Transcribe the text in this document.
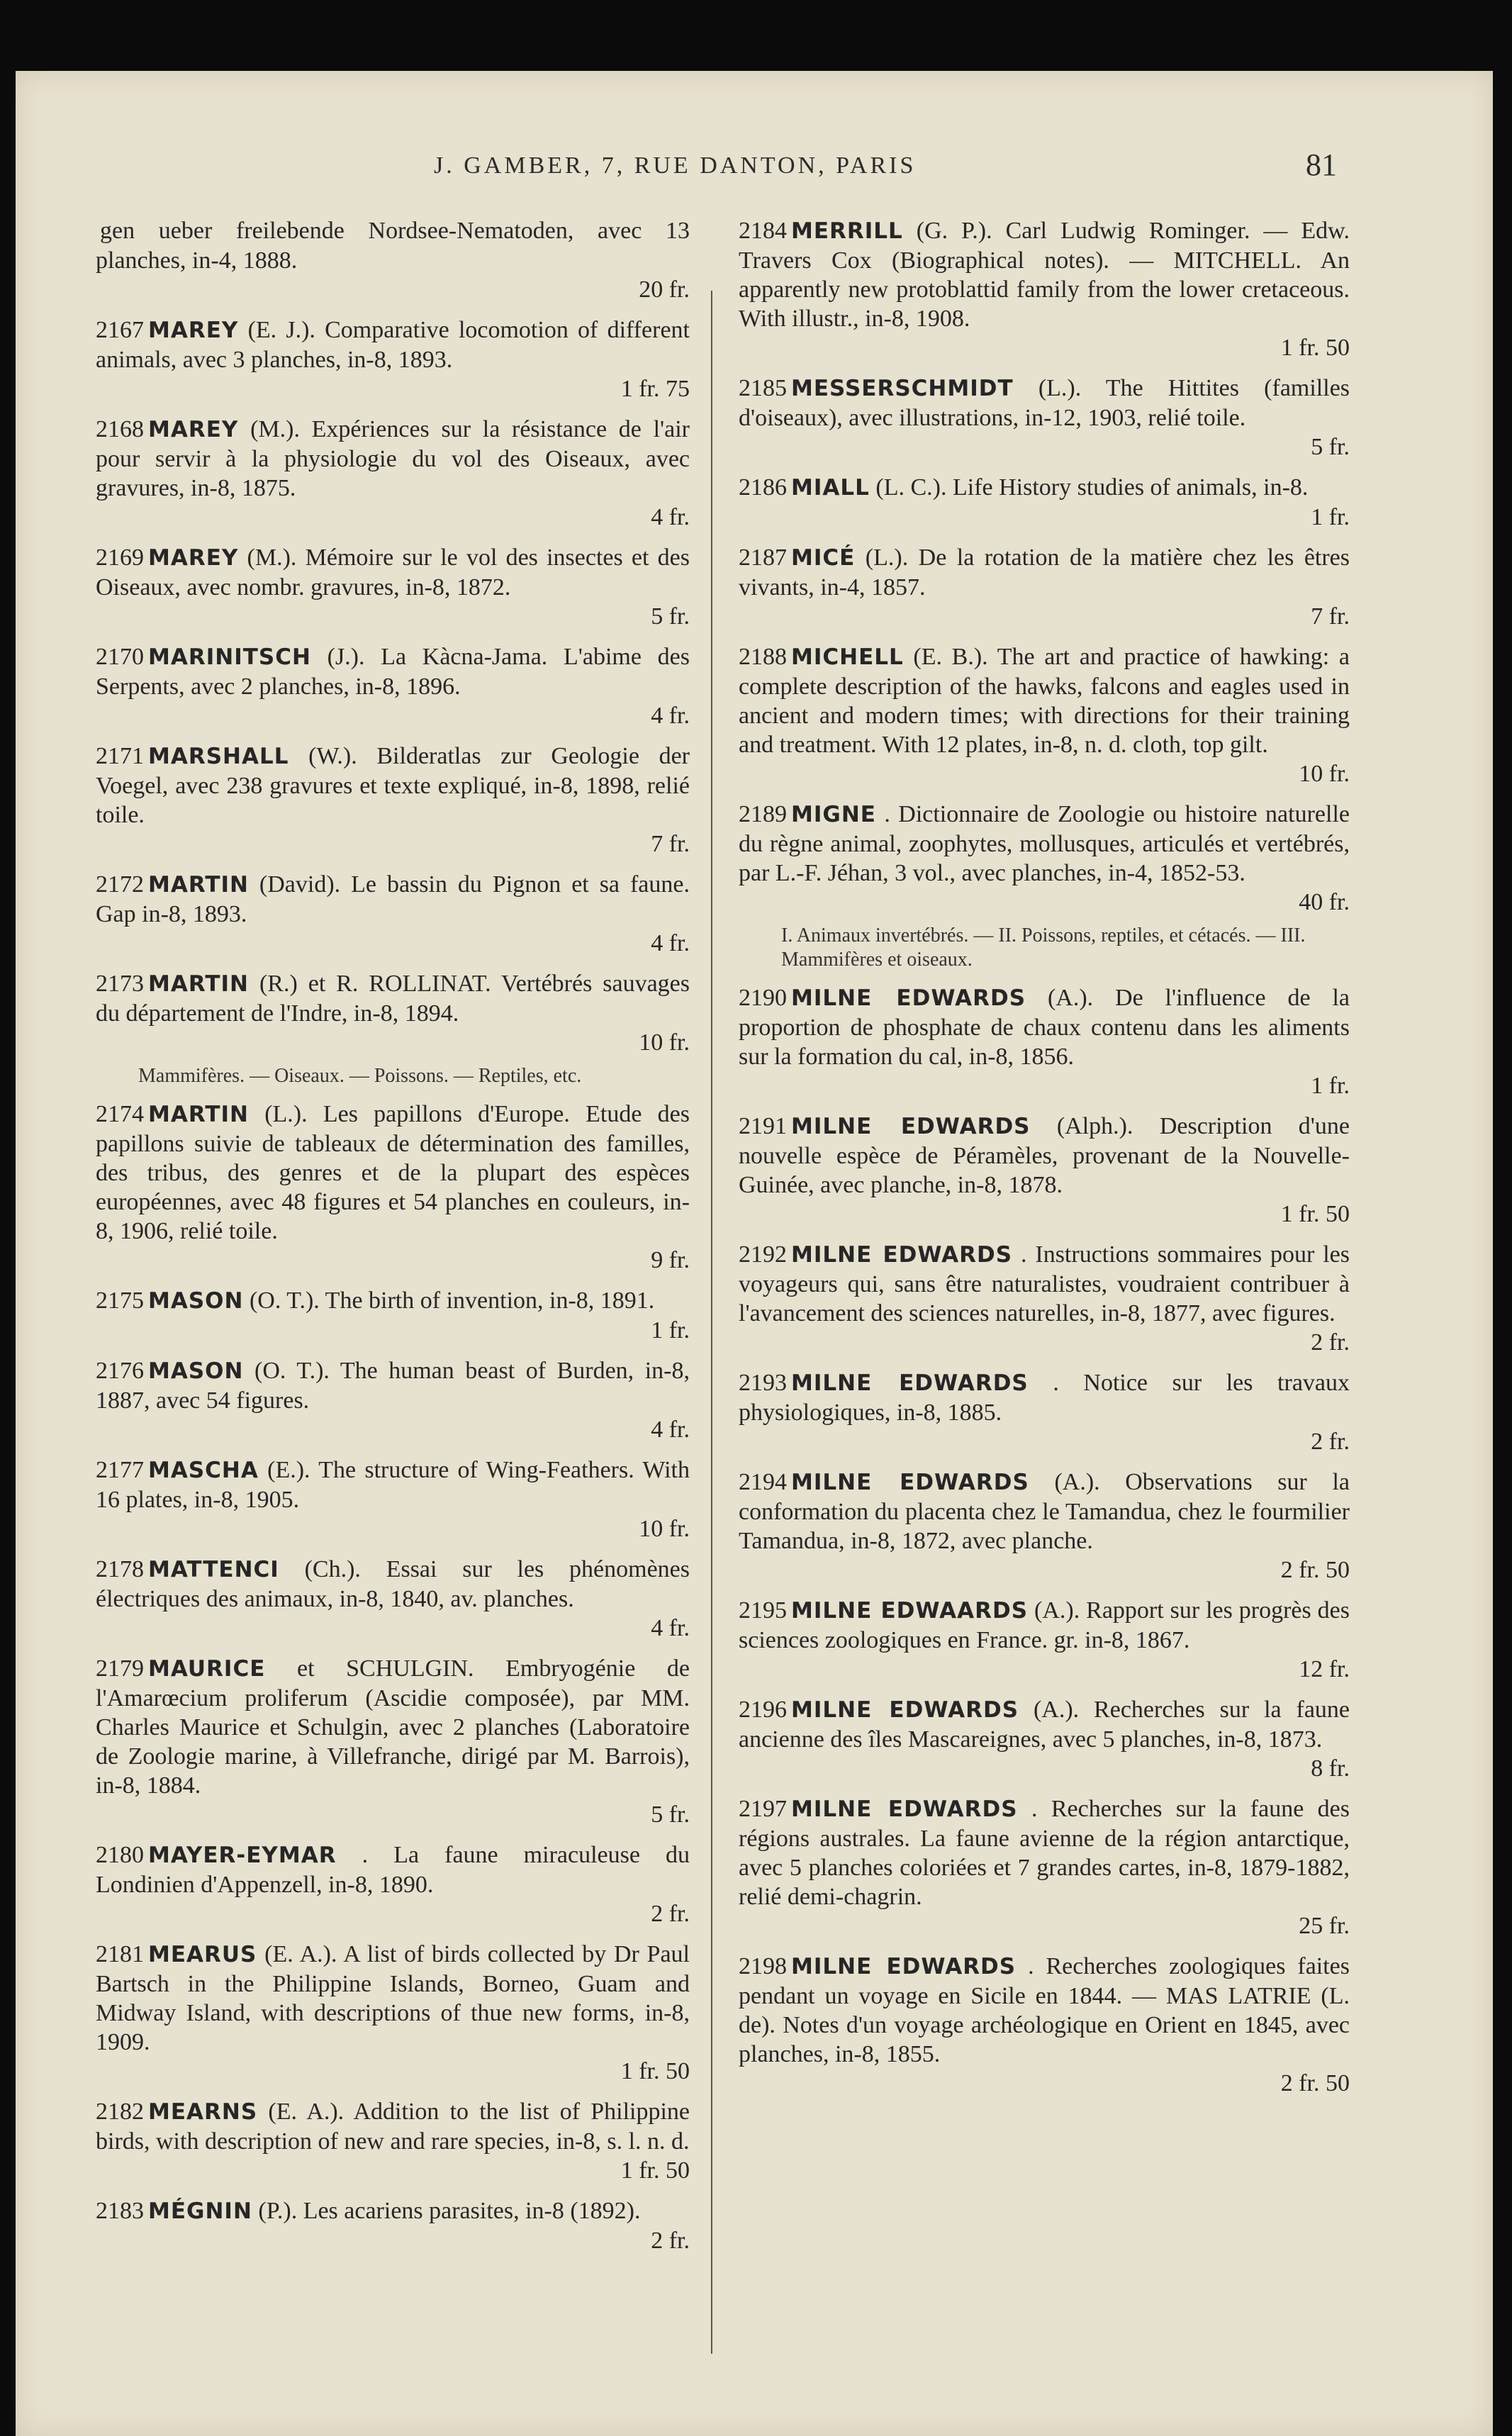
J. GAMBER, 7, RUE DANTON, PARIS	81
gen ueber freilebende Nordsee-Nematoden, avec 13 planches, in-4, 1888.
20 fr.
2167 MAREY (E. J.). Comparative locomotion of different animals, avec 3 planches, in-8, 1893.
1 fr. 75
2168 MAREY (M.). Expériences sur la résistance de l'air pour servir à la physiologie du vol des Oiseaux, avec gravures, in-8, 1875.
4 fr.
2169 MAREY (M.). Mémoire sur le vol des insectes et des Oiseaux, avec nombr. gravures, in-8, 1872.
5 fr.
2170 MARINITSCH (J.). La Kàcna-Jama. L'abime des Serpents, avec 2 planches, in-8, 1896.
4 fr.
2171 MARSHALL (W.). Bilderatlas zur Geologie der Voegel, avec 238 gravures et texte expliqué, in-8, 1898, relié toile.
7 fr.
2172 MARTIN (David). Le bassin du Pignon et sa faune. Gap in-8, 1893.
4 fr.
2173 MARTIN (R.) et R. ROLLINAT. Vertébrés sauvages du département de l'Indre, in-8, 1894.
10 fr.
Mammifères. — Oiseaux. — Poissons. — Reptiles, etc.
2174 MARTIN (L.). Les papillons d'Europe. Etude des papillons suivie de tableaux de détermination des familles, des tribus, des genres et de la plupart des espèces européennes, avec 48 figures et 54 planches en couleurs, in-8, 1906, relié toile.
9 fr.
2175 MASON (O. T.). The birth of invention, in-8, 1891.
1 fr.
2176 MASON (O. T.). The human beast of Burden, in-8, 1887, avec 54 figures.
4 fr.
2177 MASCHA (E.). The structure of Wing-Feathers. With 16 plates, in-8, 1905.
10 fr.
2178 MATTENCI (Ch.). Essai sur les phénomènes électriques des animaux, in-8, 1840, av. planches.
4 fr.
2179 MAURICE et SCHULGIN. Embryogénie de l'Amarœcium proliferum (Ascidie composée), par MM. Charles Maurice et Schulgin, avec 2 planches (Laboratoire de Zoologie marine, à Villefranche, dirigé par M. Barrois), in-8, 1884.
5 fr.
2180 MAYER-EYMAR . La faune miraculeuse du Londinien d'Appenzell, in-8, 1890.
2 fr.
2181 MEARUS (E. A.). A list of birds collected by Dr Paul Bartsch in the Philippine Islands, Borneo, Guam and Midway Island, with descriptions of thue new forms, in-8, 1909.
1 fr. 50
2182 MEARNS (E. A.). Addition to the list of Philippine birds, with description of new and rare species, in-8, s. l. n. d.
1 fr. 50
2183 MÉGNIN (P.). Les acariens parasites, in-8 (1892).
2 fr.
2184 MERRILL (G. P.). Carl Ludwig Rominger. — Edw. Travers Cox (Biographical notes). — MITCHELL. An apparently new protoblattid family from the lower cretaceous. With illustr., in-8, 1908.
1 fr. 50
2185 MESSERSCHMIDT (L.). The Hittites (familles d'oiseaux), avec illustrations, in-12, 1903, relié toile.
5 fr.
2186 MIALL (L. C.). Life History studies of animals, in-8.
1 fr.
2187 MICÉ (L.). De la rotation de la matière chez les êtres vivants, in-4, 1857.
7 fr.
2188 MICHELL (E. B.). The art and practice of hawking: a complete description of the hawks, falcons and eagles used in ancient and modern times; with directions for their training and treatment. With 12 plates, in-8, n. d. cloth, top gilt.
10 fr.
2189 MIGNE . Dictionnaire de Zoologie ou histoire naturelle du règne animal, zoophytes, mollusques, articulés et vertébrés, par L.-F. Jéhan, 3 vol., avec planches, in-4, 1852-53.
40 fr.
I. Animaux invertébrés. — II. Poissons, reptiles, et cétacés. — III. Mammifères et oiseaux.
2190 MILNE EDWARDS (A.). De l'influence de la proportion de phosphate de chaux contenu dans les aliments sur la formation du cal, in-8, 1856.
1 fr.
2191 MILNE EDWARDS (Alph.). Description d'une nouvelle espèce de Péramèles, provenant de la Nouvelle-Guinée, avec planche, in-8, 1878.
1 fr. 50
2192 MILNE EDWARDS . Instructions sommaires pour les voyageurs qui, sans être naturalistes, voudraient contribuer à l'avancement des sciences naturelles, in-8, 1877, avec figures.
2 fr.
2193 MILNE EDWARDS . Notice sur les travaux physiologiques, in-8, 1885.
2 fr.
2194 MILNE EDWARDS (A.). Observations sur la conformation du placenta chez le Tamandua, chez le fourmilier Tamandua, in-8, 1872, avec planche.
2 fr. 50
2195 MILNE EDWAARDS (A.). Rapport sur les progrès des sciences zoologiques en France. gr. in-8, 1867.
12 fr.
2196 MILNE EDWARDS (A.). Recherches sur la faune ancienne des îles Mascareignes, avec 5 planches, in-8, 1873.
8 fr.
2197 MILNE EDWARDS . Recherches sur la faune des régions australes. La faune avienne de la région antarctique, avec 5 planches coloriées et 7 grandes cartes, in-8, 1879-1882, relié demi-chagrin.
25 fr.
2198 MILNE EDWARDS . Recherches zoologiques faites pendant un voyage en Sicile en 1844. — MAS LATRIE (L. de). Notes d'un voyage archéologique en Orient en 1845, avec planches, in-8, 1855.
2 fr. 50
